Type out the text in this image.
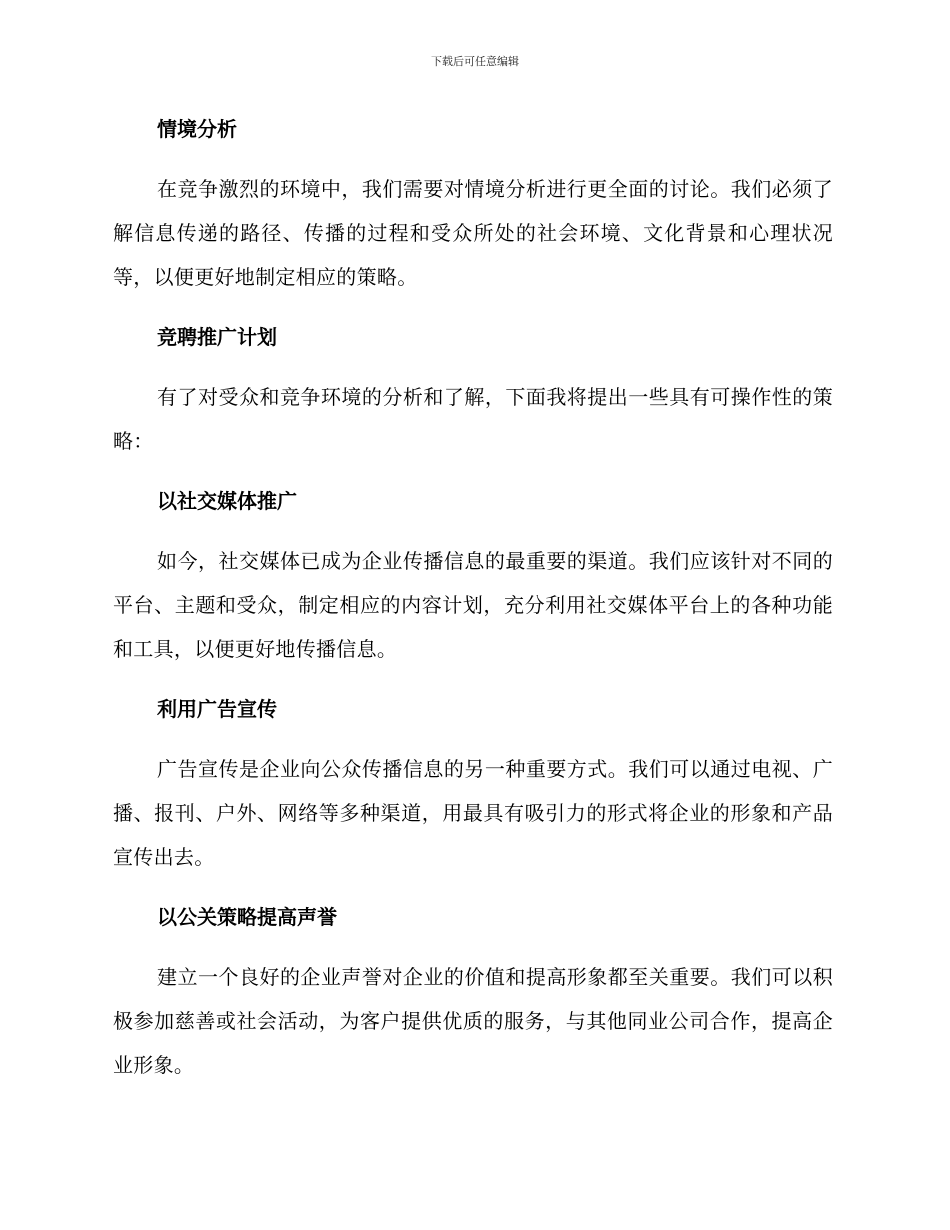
下载后可任意编辑
情境分析

在竞争激烈的环境中，我们需要对情境分析进行更全面的讨论。我们必须了解信息传递的路径、传播的过程和受众所处的社会环境、文化背景和心理状况等，以便更好地制定相应的策略。

竞聘推广计划

有了对受众和竞争环境的分析和了解，下面我将提出一些具有可操作性的策略：

以社交媒体推广

如今，社交媒体已成为企业传播信息的最重要的渠道。我们应该针对不同的平台、主题和受众，制定相应的内容计划，充分利用社交媒体平台上的各种功能和工具，以便更好地传播信息。

利用广告宣传

广告宣传是企业向公众传播信息的另一种重要方式。我们可以通过电视、广播、报刊、户外、网络等多种渠道，用最具有吸引力的形式将企业的形象和产品宣传出去。

以公关策略提高声誉

建立一个良好的企业声誉对企业的价值和提高形象都至关重要。我们可以积极参加慈善或社会活动，为客户提供优质的服务，与其他同业公司合作，提高企业形象。
